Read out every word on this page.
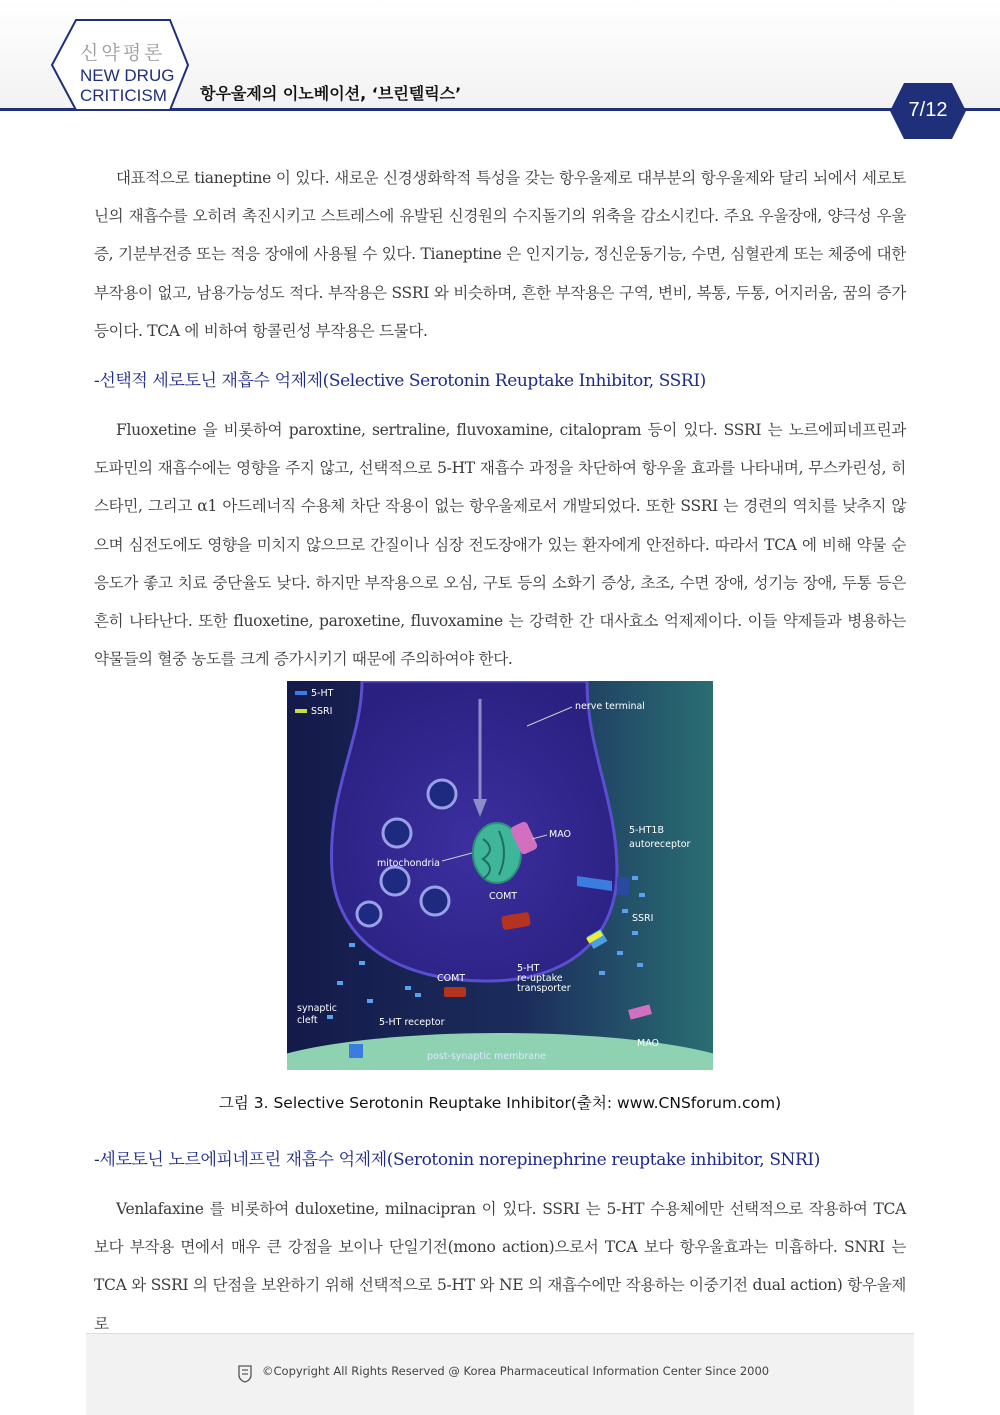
신약평론
NEW DRUG
CRITICISM 항우울제의 이노베이션, ‘브린텔릭스’
7/12
대표적으로 tianeptine 이 있다. 새로운 신경생화학적 특성을 갖는 항우울제로 대부분의 항우울제와 달리 뇌에서 세로토닌의 재흡수를 오히려 촉진시키고 스트레스에 유발된 신경원의 수지돌기의 위축을 감소시킨다. 주요 우울장애, 양극성 우울증, 기분부전증 또는 적응 장애에 사용될 수 있다. Tianeptine 은 인지기능, 정신운동기능, 수면, 심혈관계 또는 체중에 대한 부작용이 없고, 남용가능성도 적다. 부작용은 SSRI 와 비슷하며, 흔한 부작용은 구역, 변비, 복통, 두통, 어지러움, 꿈의 증가 등이다. TCA 에 비하여 항콜린성 부작용은 드물다.
-선택적 세로토닌 재흡수 억제제(Selective Serotonin Reuptake Inhibitor, SSRI)
Fluoxetine 을 비롯하여 paroxtine, sertraline, fluvoxamine, citalopram 등이 있다. SSRI 는 노르에피네프린과 도파민의 재흡수에는 영향을 주지 않고, 선택적으로 5-HT 재흡수 과정을 차단하여 항우울 효과를 나타내며, 무스카린성, 히스타민, 그리고 α1 아드레너직 수용체 차단 작용이 없는 항우울제로서 개발되었다. 또한 SSRI 는 경련의 역치를 낮추지 않으며 심전도에도 영향을 미치지 않으므로 간질이나 심장 전도장애가 있는 환자에게 안전하다. 따라서 TCA 에 비해 약물 순응도가 좋고 치료 중단율도 낮다. 하지만 부작용으로 오심, 구토 등의 소화기 증상, 초조, 수면 장애, 성기능 장애, 두통 등은 흔히 나타난다. 또한 fluoxetine, paroxetine, fluvoxamine 는 강력한 간 대사효소 억제제이다. 이들 약제들과 병용하는 약물들의 혈중 농도를 크게 증가시키기 때문에 주의하여야 한다.
5-HT
SSRI	nerve terminal
MAO
mitochondria
COMT
5-HT1B
autoreceptor
SSRI
5-HT
re-uptake
transporter
COMT
synaptic
cleft	5-HT receptor
MAO
post-synaptic membrane
그림 3. Selective Serotonin Reuptake Inhibitor(출처: www.CNSforum.com)
-세로토닌 노르에피네프린 재흡수 억제제(Serotonin norepinephrine reuptake inhibitor, SNRI)
Venlafaxine 를 비롯하여 duloxetine, milnacipran 이 있다. SSRI 는 5-HT 수용체에만 선택적으로 작용하여 TCA 보다 부작용 면에서 매우 큰 강점을 보이나 단일기전(mono action)으로서 TCA 보다 항우울효과는 미흡하다. SNRI 는 TCA 와 SSRI 의 단점을 보완하기 위해 선택적으로 5-HT 와 NE 의 재흡수에만 작용하는 이중기전 dual action) 항우울제로
©Copyright All Rights Reserved @ Korea Pharmaceutical Information Center Since 2000
